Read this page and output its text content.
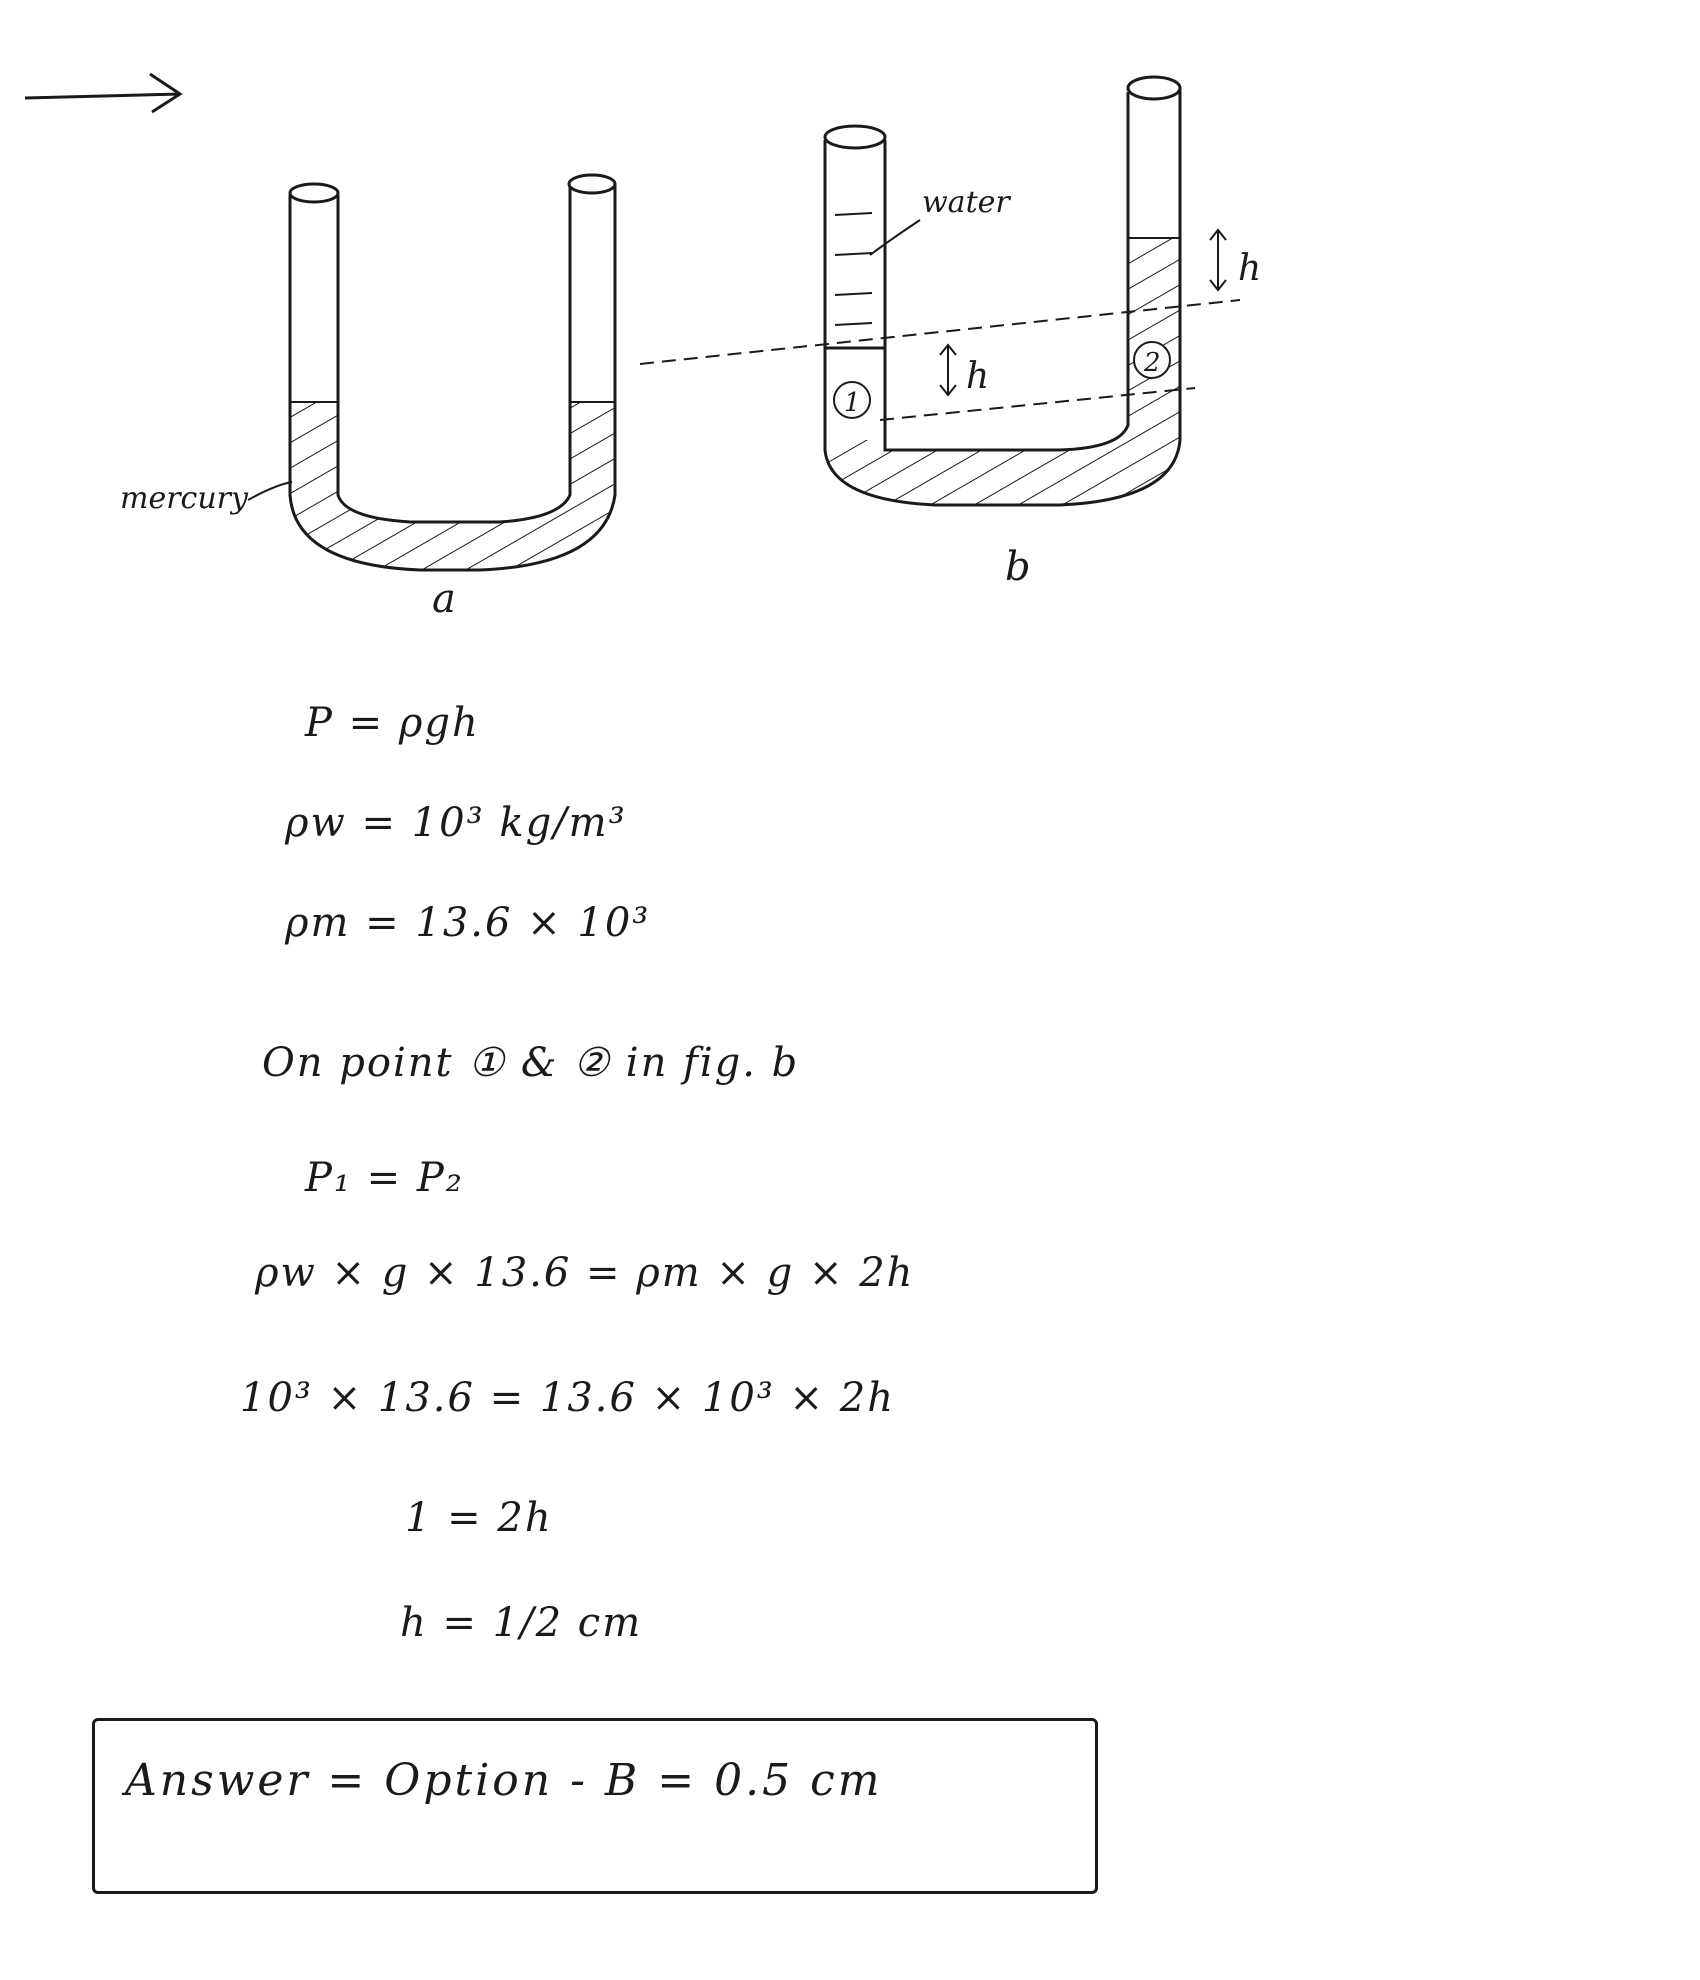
mercury
a
1
2
water
h
h
b
P = ρgh
ρw = 10³ kg/m³
ρm = 13.6 × 10³
On point ① & ② in fig. b
P₁ = P₂
ρw × g × 13.6 = ρm × g × 2h
10³ × 13.6 = 13.6 × 10³ × 2h
1 = 2h
h = 1/2 cm
Answer = Option - B = 0.5 cm
